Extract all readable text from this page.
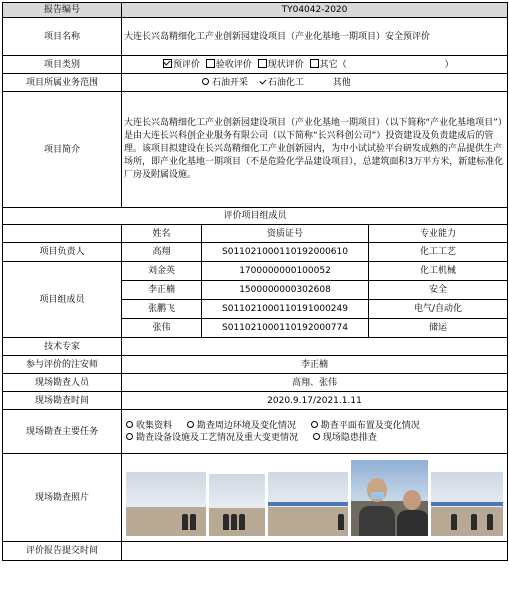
报告编号	TY04042-2020		
项目名称	大连长兴岛精细化工产业创新园建设项目（产业化基地一期项目）安全预评价		
项目类别	预评价 验收评价 现状评价 其它（ ）		
项目所属业务范围	石油开采 石油化工 其他		
项目简介	大连长兴岛精细化工产业创新园建设项目（产业化基地一期项目）（以下简称“产业化基地项目”）是由大连长兴科创企业服务有限公司（以下简称“长兴科创公司”）投资建设及负责建成后的管理。该项目拟建设在长兴岛精细化工产业创新园内，为中小试试验平台研发成熟的产品提供生产场所，即产业化基地一期项目（不是危险化学品建设项目），总建筑面积3万平方米，新建标准化厂房及附属设施。		
评价项目组成员			
	姓名	资质证号	专业能力
项目负责人	高翔	S011021000110192000610	化工工艺
项目组成员	刘金英	1700000000100052	化工机械
	李正楠	1500000000302608	安全
	张鹏飞	S011021000110191000249	电气/自动化
	张伟	S011021000110192000774	储运
技术专家			
参与评价的注安师	李正楠		
现场勘查人员	高翔、张伟		
现场勘查时间	2020.9.17/2021.1.11		
现场勘查主要任务	收集资料 勘查周边环境及变化情况 勘查平面布置及变化情况
勘查设备设施及工艺情况及重大变更情况 现场隐患排查		
现场勘查照片			

评价报告提交时间			
